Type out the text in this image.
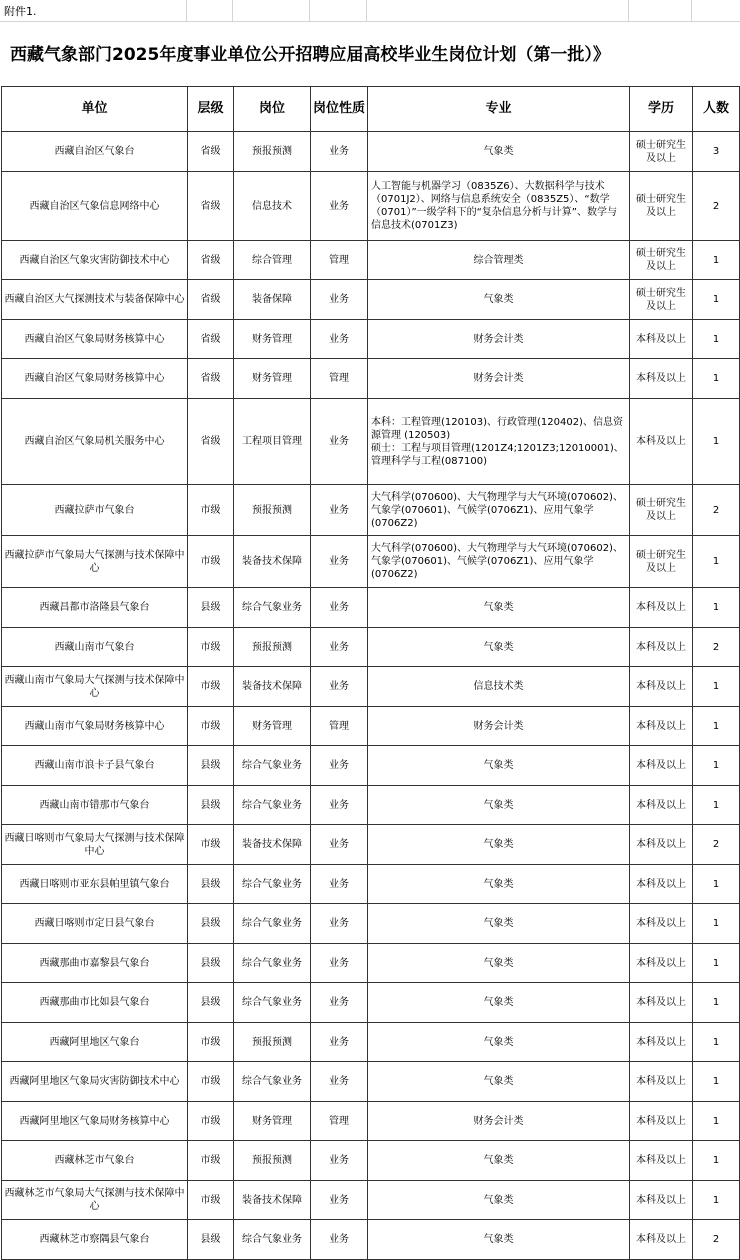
附件1.
西藏气象部门2025年度事业单位公开招聘应届高校毕业生岗位计划（第一批）》
单位	层级	岗位	岗位性质	专业	学历	人数
西藏自治区气象台	省级	预报预测	业务	气象类	硕士研究生及以上	3
西藏自治区气象信息网络中心	省级	信息技术	业务	人工智能与机器学习（0835Z6）、大数据科学与技术（0701J2）、网络与信息系统安全（0835Z5）、“数学（0701）”一级学科下的“复杂信息分析与计算”、数学与信息技术(0701Z3)	硕士研究生及以上	2
西藏自治区气象灾害防御技术中心	省级	综合管理	管理	综合管理类	硕士研究生及以上	1
西藏自治区大气探测技术与装备保障中心	省级	装备保障	业务	气象类	硕士研究生及以上	1
西藏自治区气象局财务核算中心	省级	财务管理	业务	财务会计类	本科及以上	1
西藏自治区气象局财务核算中心	省级	财务管理	管理	财务会计类	本科及以上	1
西藏自治区气象局机关服务中心	省级	工程项目管理	业务	本科：工程管理(120103)、行政管理(120402)、信息资源管理 (120503)
硕士：工程与项目管理(1201Z4;1201Z3;12010001)、管理科学与工程(087100)	本科及以上	1
西藏拉萨市气象台	市级	预报预测	业务	大气科学(070600)、大气物理学与大气环境(070602)、气象学(070601)、气候学(0706Z1)、应用气象学(0706Z2)	硕士研究生及以上	2
西藏拉萨市气象局大气探测与技术保障中心	市级	装备技术保障	业务	大气科学(070600)、大气物理学与大气环境(070602)、气象学(070601)、气候学(0706Z1)、应用气象学(0706Z2)	硕士研究生及以上	1
西藏昌都市洛隆县气象台	县级	综合气象业务	业务	气象类	本科及以上	1
西藏山南市气象台	市级	预报预测	业务	气象类	本科及以上	2
西藏山南市气象局大气探测与技术保障中心	市级	装备技术保障	业务	信息技术类	本科及以上	1
西藏山南市气象局财务核算中心	市级	财务管理	管理	财务会计类	本科及以上	1
西藏山南市浪卡子县气象台	县级	综合气象业务	业务	气象类	本科及以上	1
西藏山南市错那市气象台	县级	综合气象业务	业务	气象类	本科及以上	1
西藏日喀则市气象局大气探测与技术保障中心	市级	装备技术保障	业务	气象类	本科及以上	2
西藏日喀则市亚东县帕里镇气象台	县级	综合气象业务	业务	气象类	本科及以上	1
西藏日喀则市定日县气象台	县级	综合气象业务	业务	气象类	本科及以上	1
西藏那曲市嘉黎县气象台	县级	综合气象业务	业务	气象类	本科及以上	1
西藏那曲市比如县气象台	县级	综合气象业务	业务	气象类	本科及以上	1
西藏阿里地区气象台	市级	预报预测	业务	气象类	本科及以上	1
西藏阿里地区气象局灾害防御技术中心	市级	综合气象业务	业务	气象类	本科及以上	1
西藏阿里地区气象局财务核算中心	市级	财务管理	管理	财务会计类	本科及以上	1
西藏林芝市气象台	市级	预报预测	业务	气象类	本科及以上	1
西藏林芝市气象局大气探测与技术保障中心	市级	装备技术保障	业务	气象类	本科及以上	1
西藏林芝市察隅县气象台	县级	综合气象业务	业务	气象类	本科及以上	2
